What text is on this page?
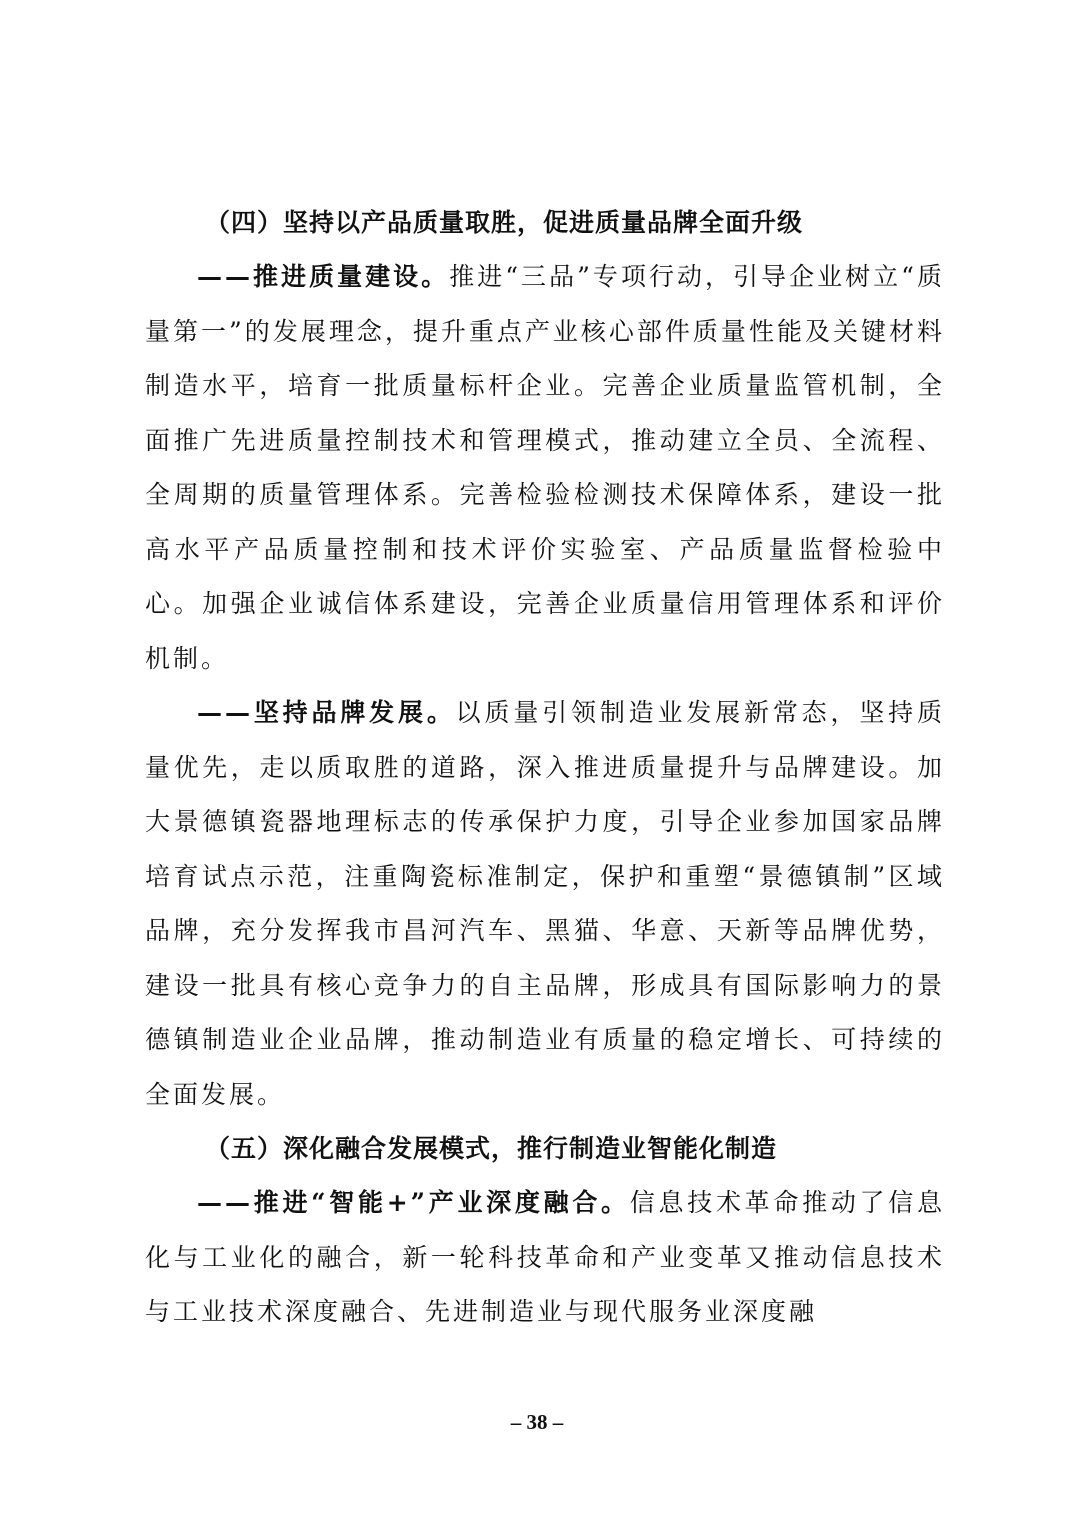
（四）坚持以产品质量取胜，促进质量品牌全面升级

——推进质量建设。推进“三品”专项行动，引导企业树立“质量第一”的发展理念，提升重点产业核心部件质量性能及关键材料制造水平，培育一批质量标杆企业。完善企业质量监管机制，全面推广先进质量控制技术和管理模式，推动建立全员、全流程、全周期的质量管理体系。完善检验检测技术保障体系，建设一批高水平产品质量控制和技术评价实验室、产品质量监督检验中心。加强企业诚信体系建设，完善企业质量信用管理体系和评价机制。

——坚持品牌发展。以质量引领制造业发展新常态，坚持质量优先，走以质取胜的道路，深入推进质量提升与品牌建设。加大景德镇瓷器地理标志的传承保护力度，引导企业参加国家品牌培育试点示范，注重陶瓷标准制定，保护和重塑“景德镇制”区域品牌，充分发挥我市昌河汽车、黑猫、华意、天新等品牌优势，建设一批具有核心竞争力的自主品牌，形成具有国际影响力的景德镇制造业企业品牌，推动制造业有质量的稳定增长、可持续的全面发展。

（五）深化融合发展模式，推行制造业智能化制造

——推进“智能+”产业深度融合。信息技术革命推动了信息化与工业化的融合，新一轮科技革命和产业变革又推动信息技术与工业技术深度融合、先进制造业与现代服务业深度融

– 38 –
